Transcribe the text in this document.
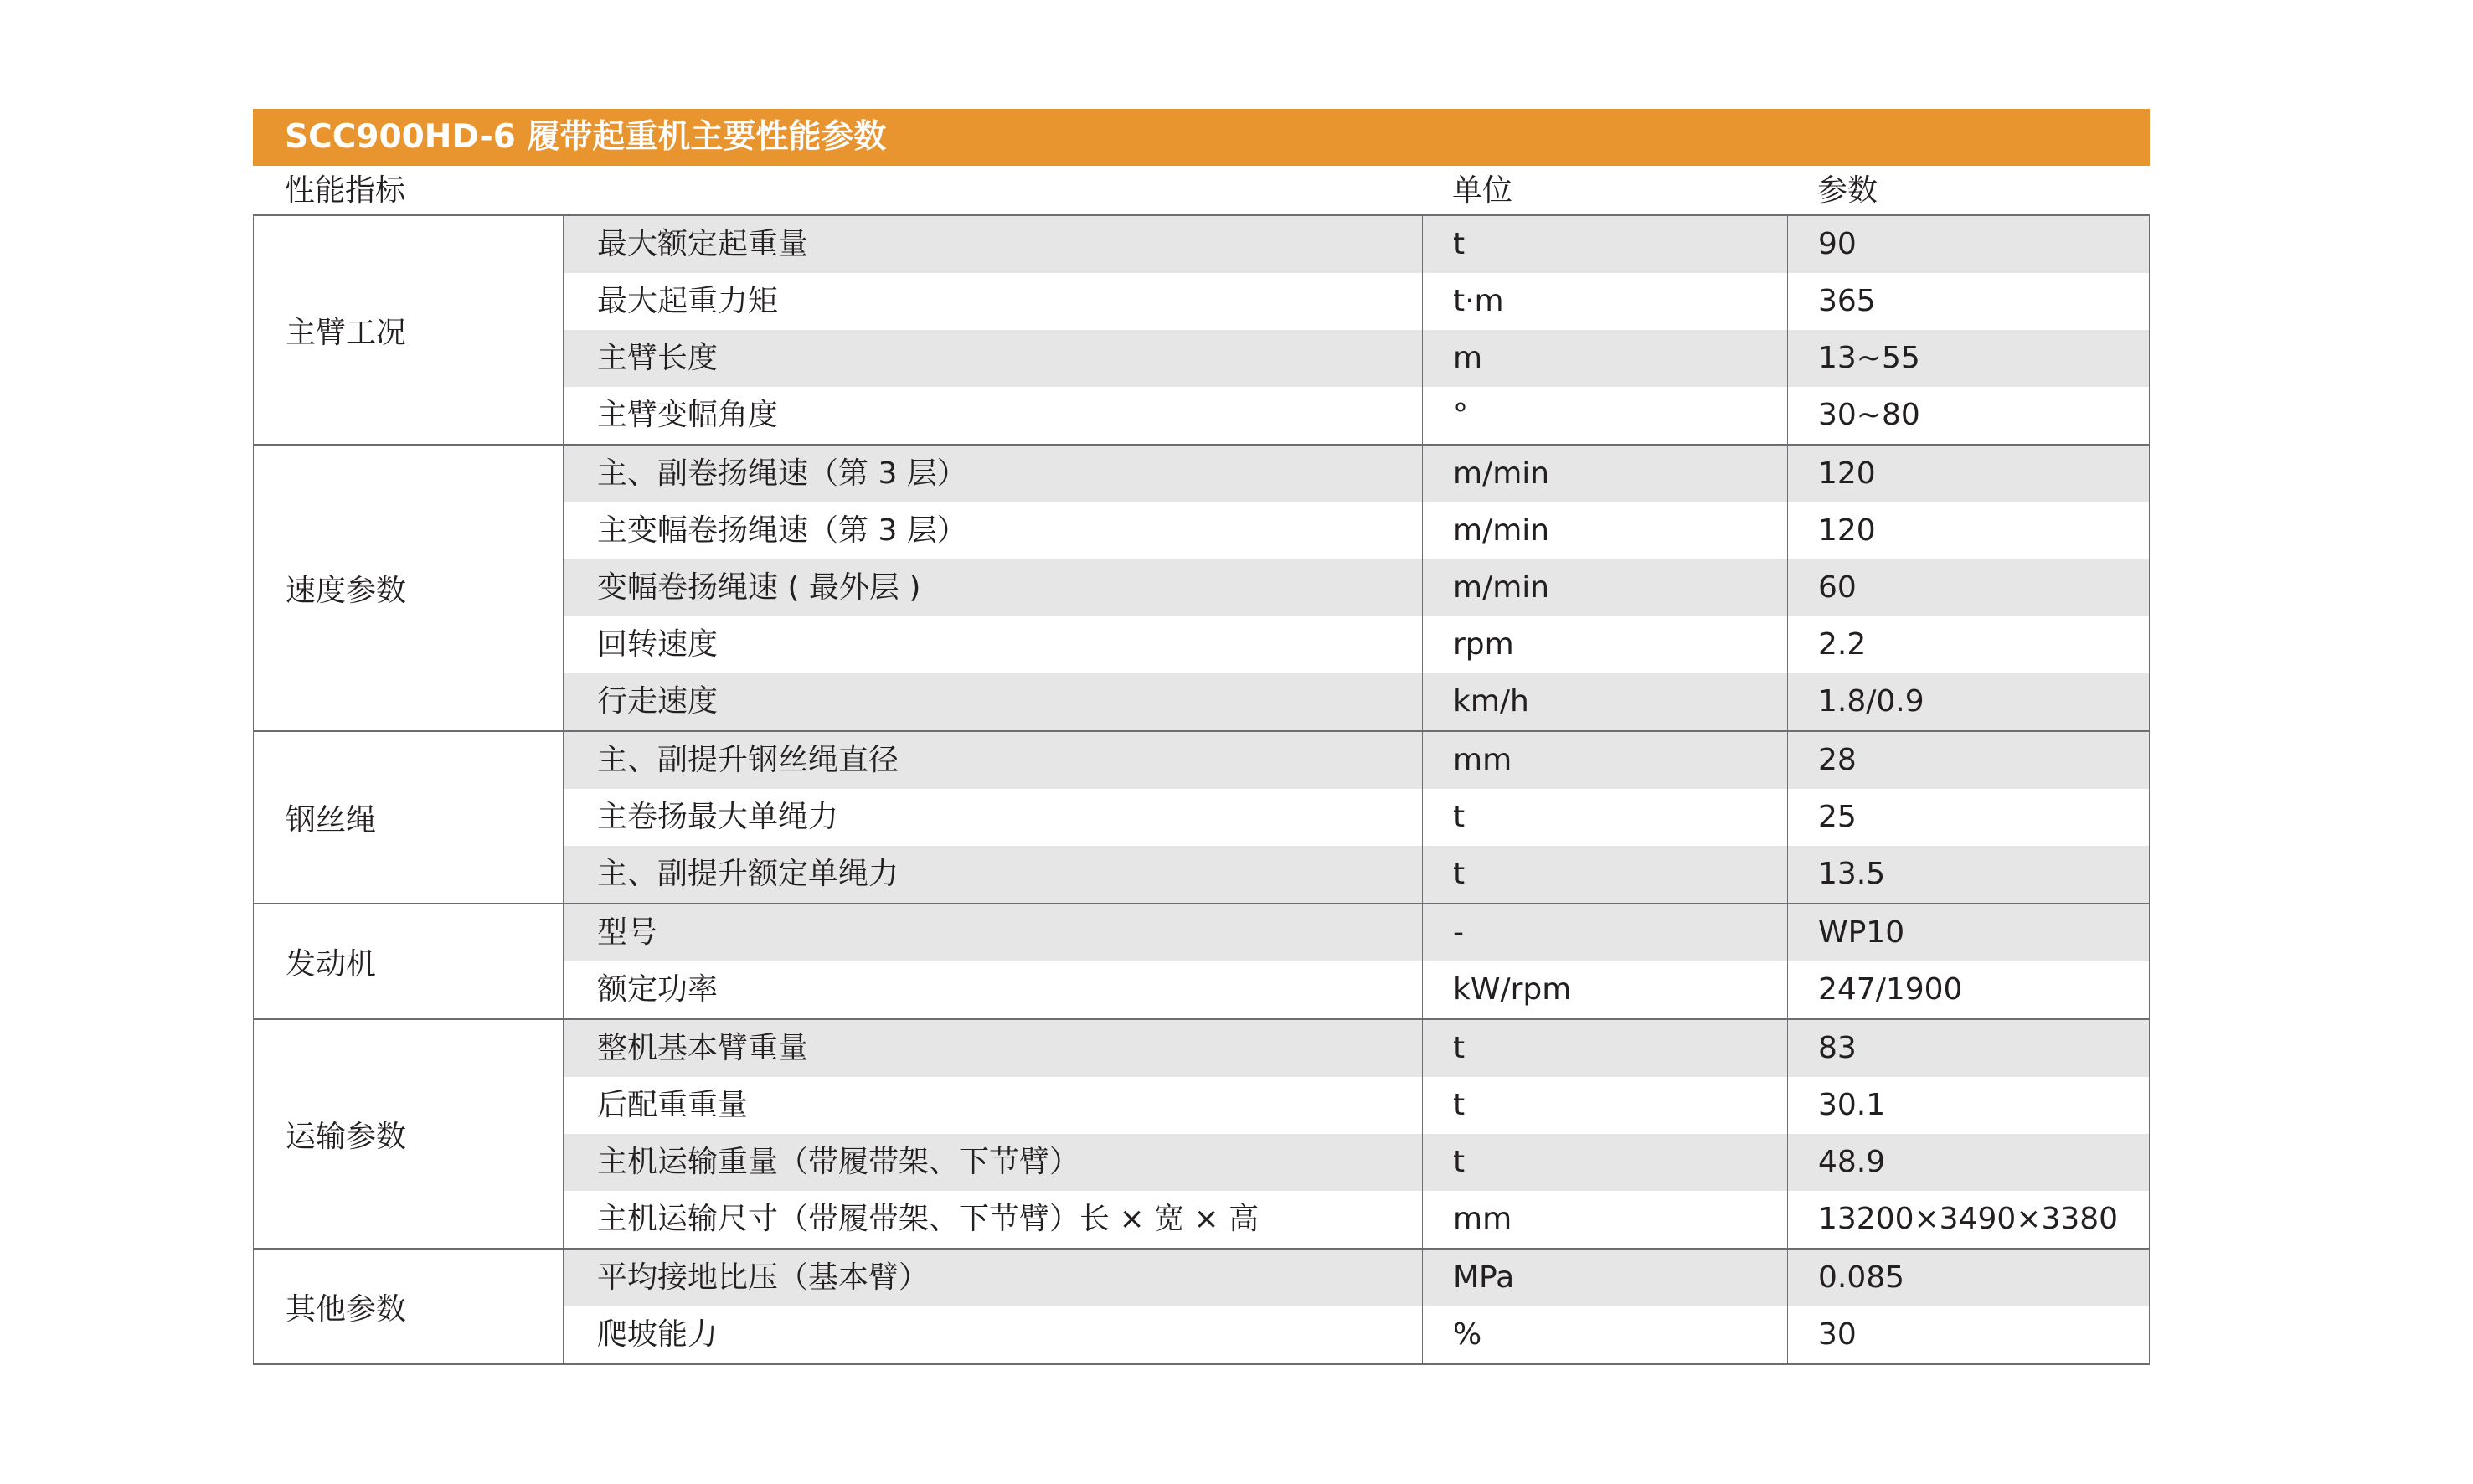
SCC900HD-6 履带起重机主要性能参数
性能指标	单位	参数
主臂工况
最大额定起重量	t	90
最大起重力矩	t·m	365
主臂长度	m	13~55
主臂变幅角度	°	30~80
速度参数
主、副卷扬绳速（第 3 层）	m/min	120
主变幅卷扬绳速（第 3 层）	m/min	120
变幅卷扬绳速 ( 最外层 )	m/min	60
回转速度	rpm	2.2
行走速度	km/h	1.8/0.9
钢丝绳
主、副提升钢丝绳直径	mm	28
主卷扬最大单绳力	t	25
主、副提升额定单绳力	t	13.5
发动机
型号	-	WP10
额定功率	kW/rpm	247/1900
运输参数
整机基本臂重量	t	83
后配重重量	t	30.1
主机运输重量（带履带架、下节臂）	t	48.9
主机运输尺寸（带履带架、下节臂）长 × 宽 × 高	mm	13200×3490×3380
其他参数
平均接地比压（基本臂）	MPa	0.085
爬坡能力	%	30
